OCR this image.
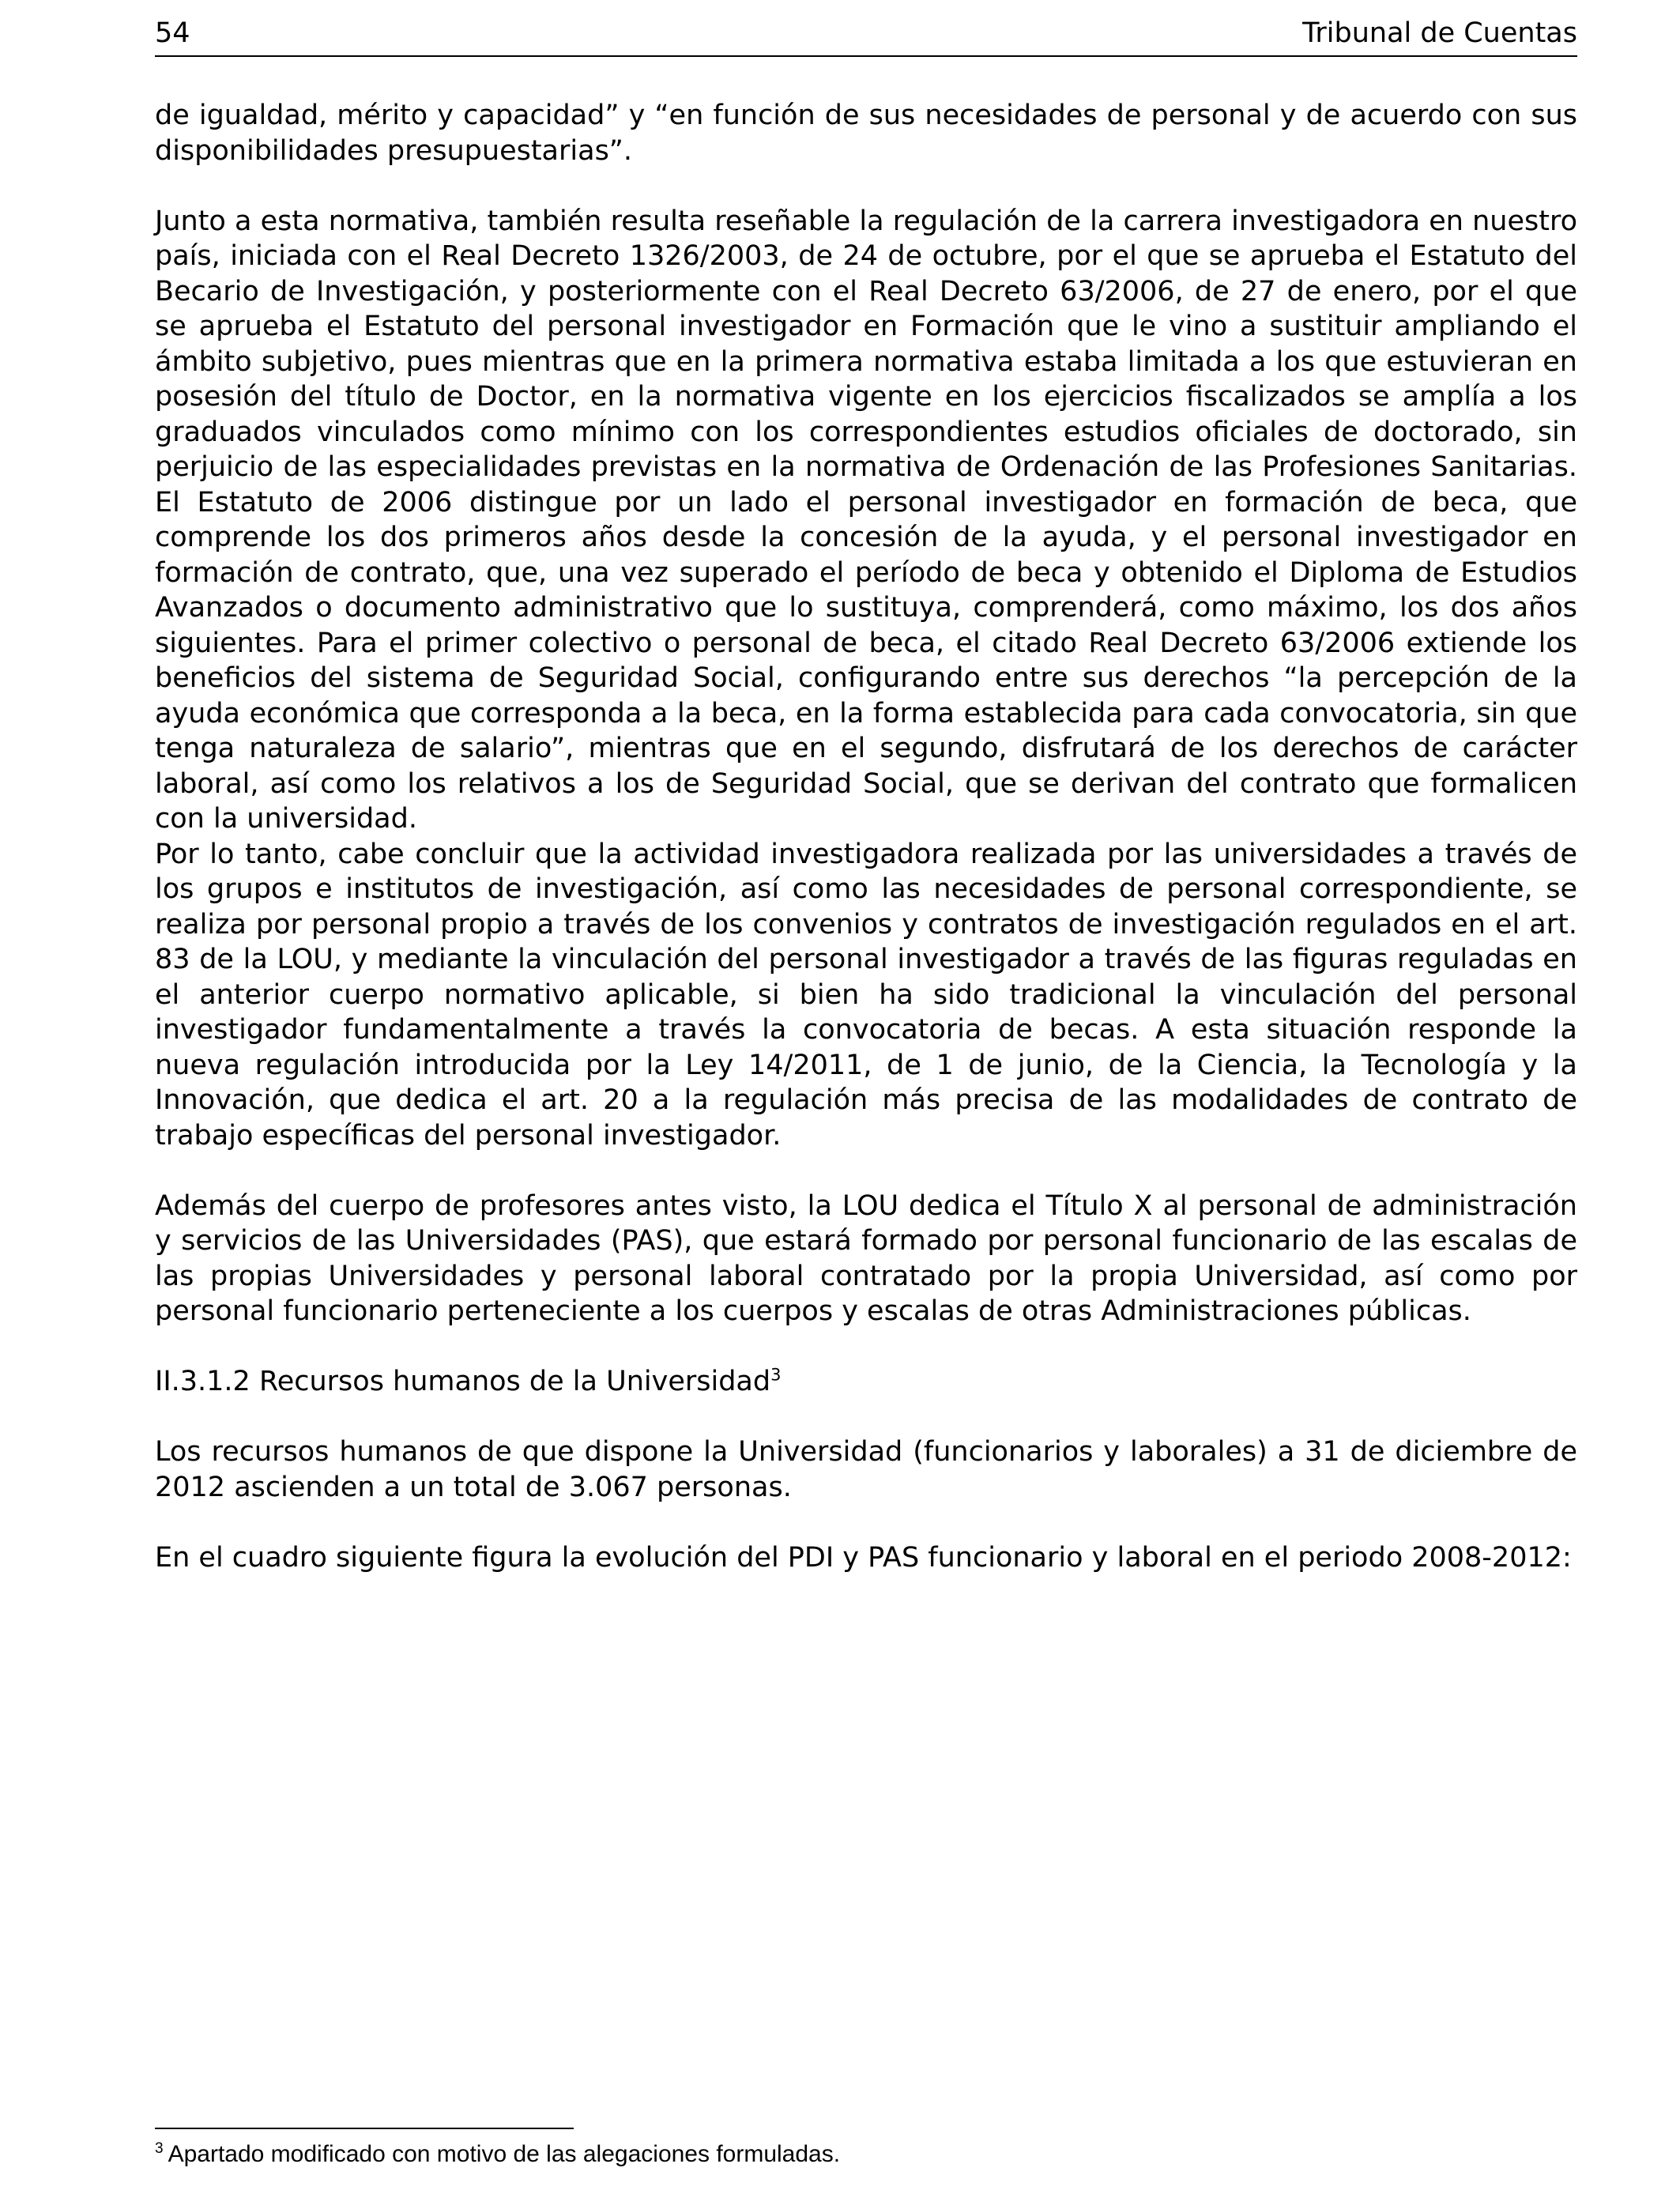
54	Tribunal de Cuentas

de igualdad, mérito y capacidad” y “en función de sus necesidades de personal y de acuerdo con sus disponibilidades presupuestarias”.

Junto a esta normativa, también resulta reseñable la regulación de la carrera investigadora en nuestro país, iniciada con el Real Decreto 1326/2003, de 24 de octubre, por el que se aprueba el Estatuto del Becario de Investigación, y posteriormente con el Real Decreto 63/2006, de 27 de enero, por el que se aprueba el Estatuto del personal investigador en Formación que le vino a sustituir ampliando el ámbito subjetivo, pues mientras que en la primera normativa estaba limitada a los que estuvieran en posesión del título de Doctor, en la normativa vigente en los ejercicios fiscalizados se amplía a los graduados vinculados como mínimo con los correspondientes estudios oficiales de doctorado, sin perjuicio de las especialidades previstas en la normativa de Ordenación de las Profesiones Sanitarias. El Estatuto de 2006 distingue por un lado el personal investigador en formación de beca, que comprende los dos primeros años desde la concesión de la ayuda, y el personal investigador en formación de contrato, que, una vez superado el período de beca y obtenido el Diploma de Estudios Avanzados o documento administrativo que lo sustituya, comprenderá, como máximo, los dos años siguientes. Para el primer colectivo o personal de beca, el citado Real Decreto 63/2006 extiende los beneficios del sistema de Seguridad Social, configurando entre sus derechos “la percepción de la ayuda económica que corresponda a la beca, en la forma establecida para cada convocatoria, sin que tenga naturaleza de salario”, mientras que en el segundo, disfrutará de los derechos de carácter laboral, así como los relativos a los de Seguridad Social, que se derivan del contrato que formalicen con la universidad.

Por lo tanto, cabe concluir que la actividad investigadora realizada por las universidades a través de los grupos e institutos de investigación, así como las necesidades de personal correspondiente, se realiza por personal propio a través de los convenios y contratos de investigación regulados en el art. 83 de la LOU, y mediante la vinculación del personal investigador a través de las figuras reguladas en el anterior cuerpo normativo aplicable, si bien ha sido tradicional la vinculación del personal investigador fundamentalmente a través la convocatoria de becas. A esta situación responde la nueva regulación introducida por la Ley 14/2011, de 1 de junio, de la Ciencia, la Tecnología y la Innovación, que dedica el art. 20 a la regulación más precisa de las modalidades de contrato de trabajo específicas del personal investigador.

Además del cuerpo de profesores antes visto, la LOU dedica el Título X al personal de administración y servicios de las Universidades (PAS), que estará formado por personal funcionario de las escalas de las propias Universidades y personal laboral contratado por la propia Universidad, así como por personal funcionario perteneciente a los cuerpos y escalas de otras Administraciones públicas.

II.3.1.2 Recursos humanos de la Universidad$^3$

Los recursos humanos de que dispone la Universidad (funcionarios y laborales) a 31 de diciembre de 2012 ascienden a un total de 3.067 personas.

En el cuadro siguiente figura la evolución del PDI y PAS funcionario y laboral en el periodo 2008-2012:

$^3$ Apartado modificado con motivo de las alegaciones formuladas.
